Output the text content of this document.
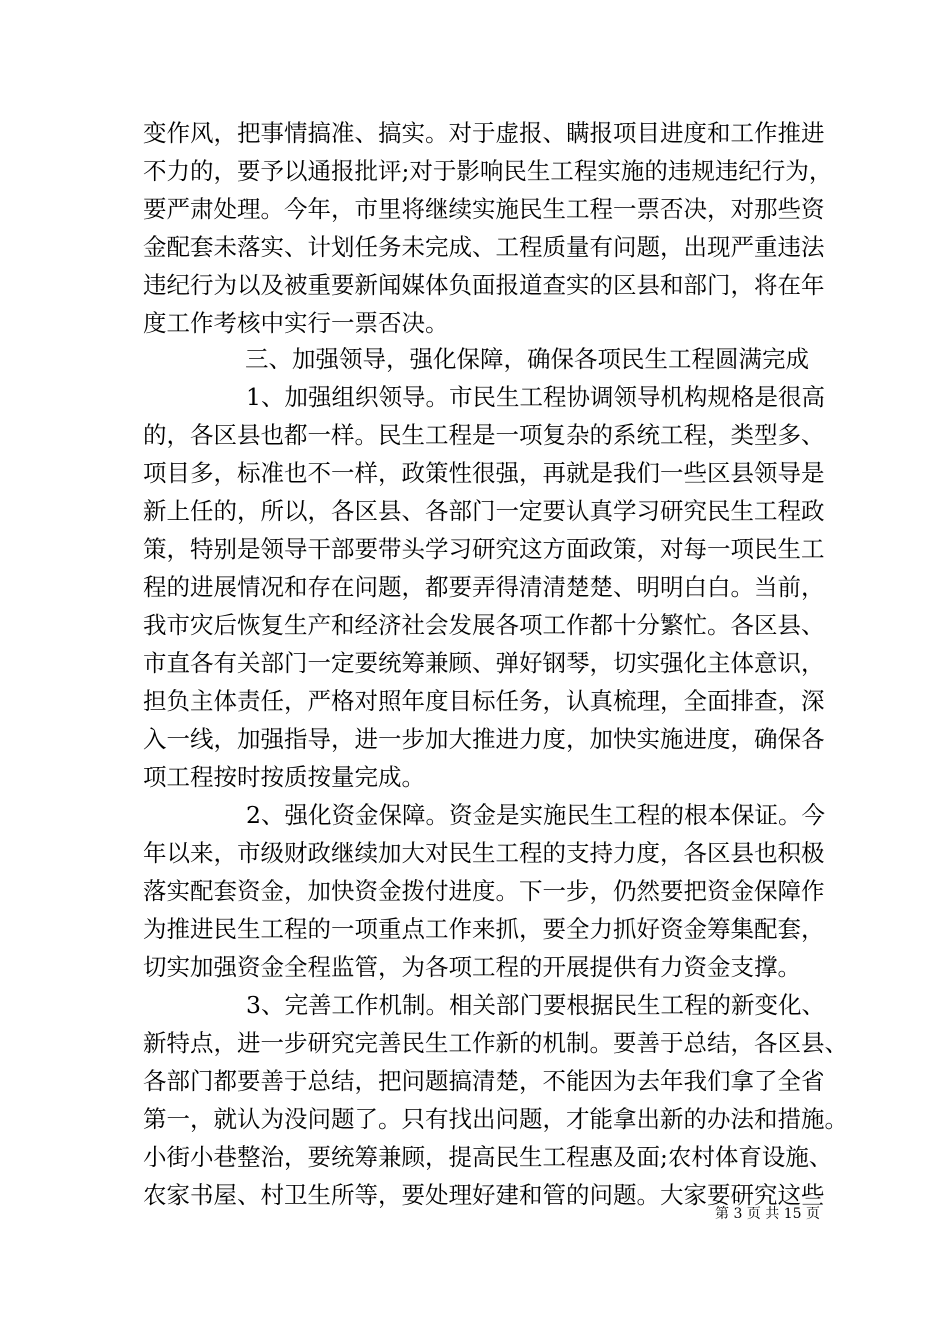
变作风，把事情搞准、搞实。对于虚报、瞒报项目进度和工作推进
不力的，要予以通报批评;对于影响民生工程实施的违规违纪行为，
要严肃处理。今年，市里将继续实施民生工程一票否决，对那些资
金配套未落实、计划任务未完成、工程质量有问题，出现严重违法
违纪行为以及被重要新闻媒体负面报道查实的区县和部门，将在年
度工作考核中实行一票否决。
三、加强领导，强化保障，确保各项民生工程圆满完成
1、加强组织领导。市民生工程协调领导机构规格是很高
的，各区县也都一样。民生工程是一项复杂的系统工程，类型多、
项目多，标准也不一样，政策性很强，再就是我们一些区县领导是
新上任的，所以，各区县、各部门一定要认真学习研究民生工程政
策，特别是领导干部要带头学习研究这方面政策，对每一项民生工
程的进展情况和存在问题，都要弄得清清楚楚、明明白白。当前，
我市灾后恢复生产和经济社会发展各项工作都十分繁忙。各区县、
市直各有关部门一定要统筹兼顾、弹好钢琴，切实强化主体意识，
担负主体责任，严格对照年度目标任务，认真梳理，全面排查，深
入一线，加强指导，进一步加大推进力度，加快实施进度，确保各
项工程按时按质按量完成。
2、强化资金保障。资金是实施民生工程的根本保证。今
年以来，市级财政继续加大对民生工程的支持力度，各区县也积极
落实配套资金，加快资金拨付进度。下一步，仍然要把资金保障作
为推进民生工程的一项重点工作来抓，要全力抓好资金筹集配套，
切实加强资金全程监管，为各项工程的开展提供有力资金支撑。
3、完善工作机制。相关部门要根据民生工程的新变化、
新特点，进一步研究完善民生工作新的机制。要善于总结，各区县、
各部门都要善于总结，把问题搞清楚，不能因为去年我们拿了全省
第一，就认为没问题了。只有找出问题，才能拿出新的办法和措施。
小街小巷整治，要统筹兼顾，提高民生工程惠及面;农村体育设施、
农家书屋、村卫生所等，要处理好建和管的问题。大家要研究这些
第 3 页 共 15 页
